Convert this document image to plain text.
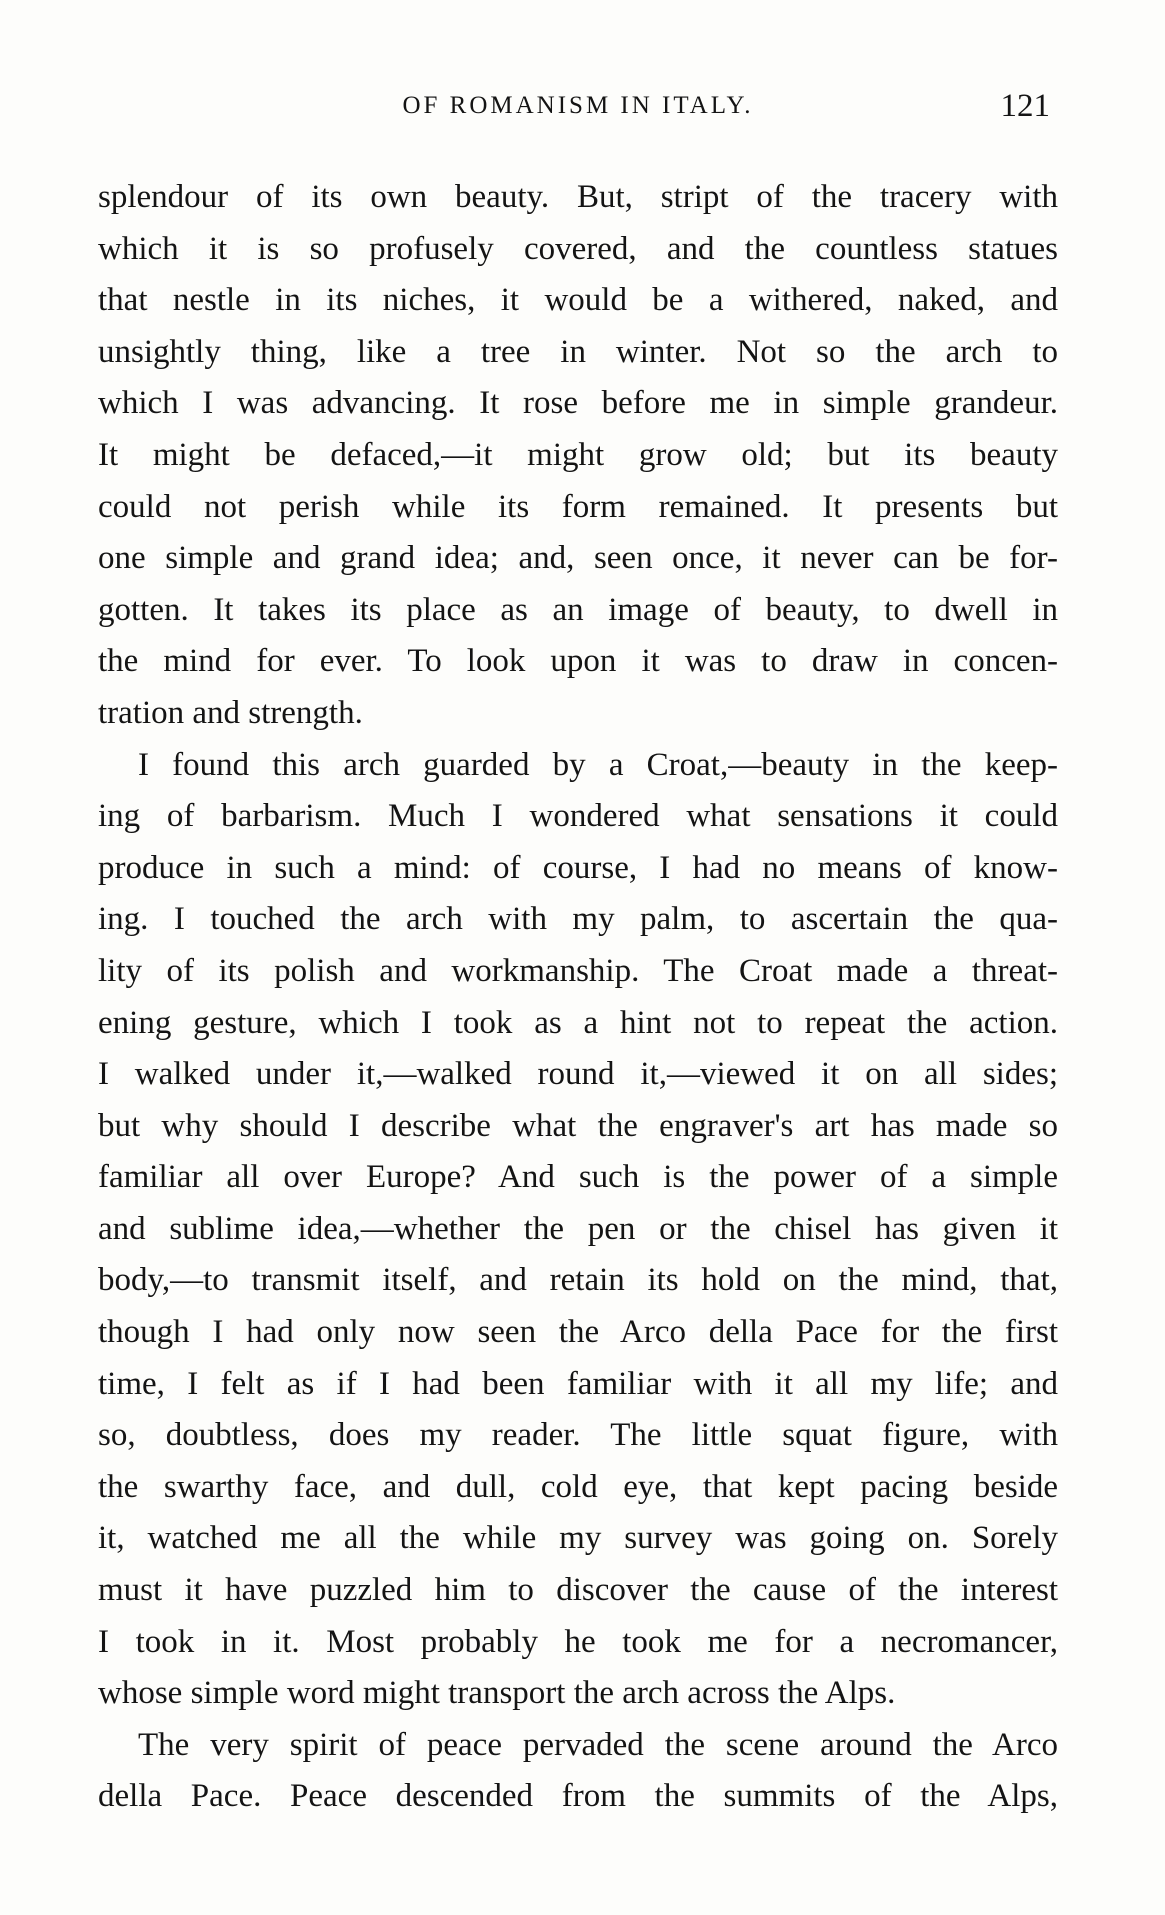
OF ROMANISM IN ITALY.	121
splendour of its own beauty. But, stript of the tracery with
which it is so profusely covered, and the countless statues
that nestle in its niches, it would be a withered, naked, and
unsightly thing, like a tree in winter. Not so the arch to
which I was advancing. It rose before me in simple grandeur.
It might be defaced,—it might grow old; but its beauty
could not perish while its form remained. It presents but
one simple and grand idea; and, seen once, it never can be for-
gotten. It takes its place as an image of beauty, to dwell in
the mind for ever. To look upon it was to draw in concen-
tration and strength.
I found this arch guarded by a Croat,—beauty in the keep-
ing of barbarism. Much I wondered what sensations it could
produce in such a mind: of course, I had no means of know-
ing. I touched the arch with my palm, to ascertain the qua-
lity of its polish and workmanship. The Croat made a threat-
ening gesture, which I took as a hint not to repeat the action.
I walked under it,—walked round it,—viewed it on all sides;
but why should I describe what the engraver's art has made so
familiar all over Europe? And such is the power of a simple
and sublime idea,—whether the pen or the chisel has given it
body,—to transmit itself, and retain its hold on the mind, that,
though I had only now seen the Arco della Pace for the first
time, I felt as if I had been familiar with it all my life; and
so, doubtless, does my reader. The little squat figure, with
the swarthy face, and dull, cold eye, that kept pacing beside
it, watched me all the while my survey was going on. Sorely
must it have puzzled him to discover the cause of the interest
I took in it. Most probably he took me for a necromancer,
whose simple word might transport the arch across the Alps.
The very spirit of peace pervaded the scene around the Arco
della Pace. Peace descended from the summits of the Alps,
